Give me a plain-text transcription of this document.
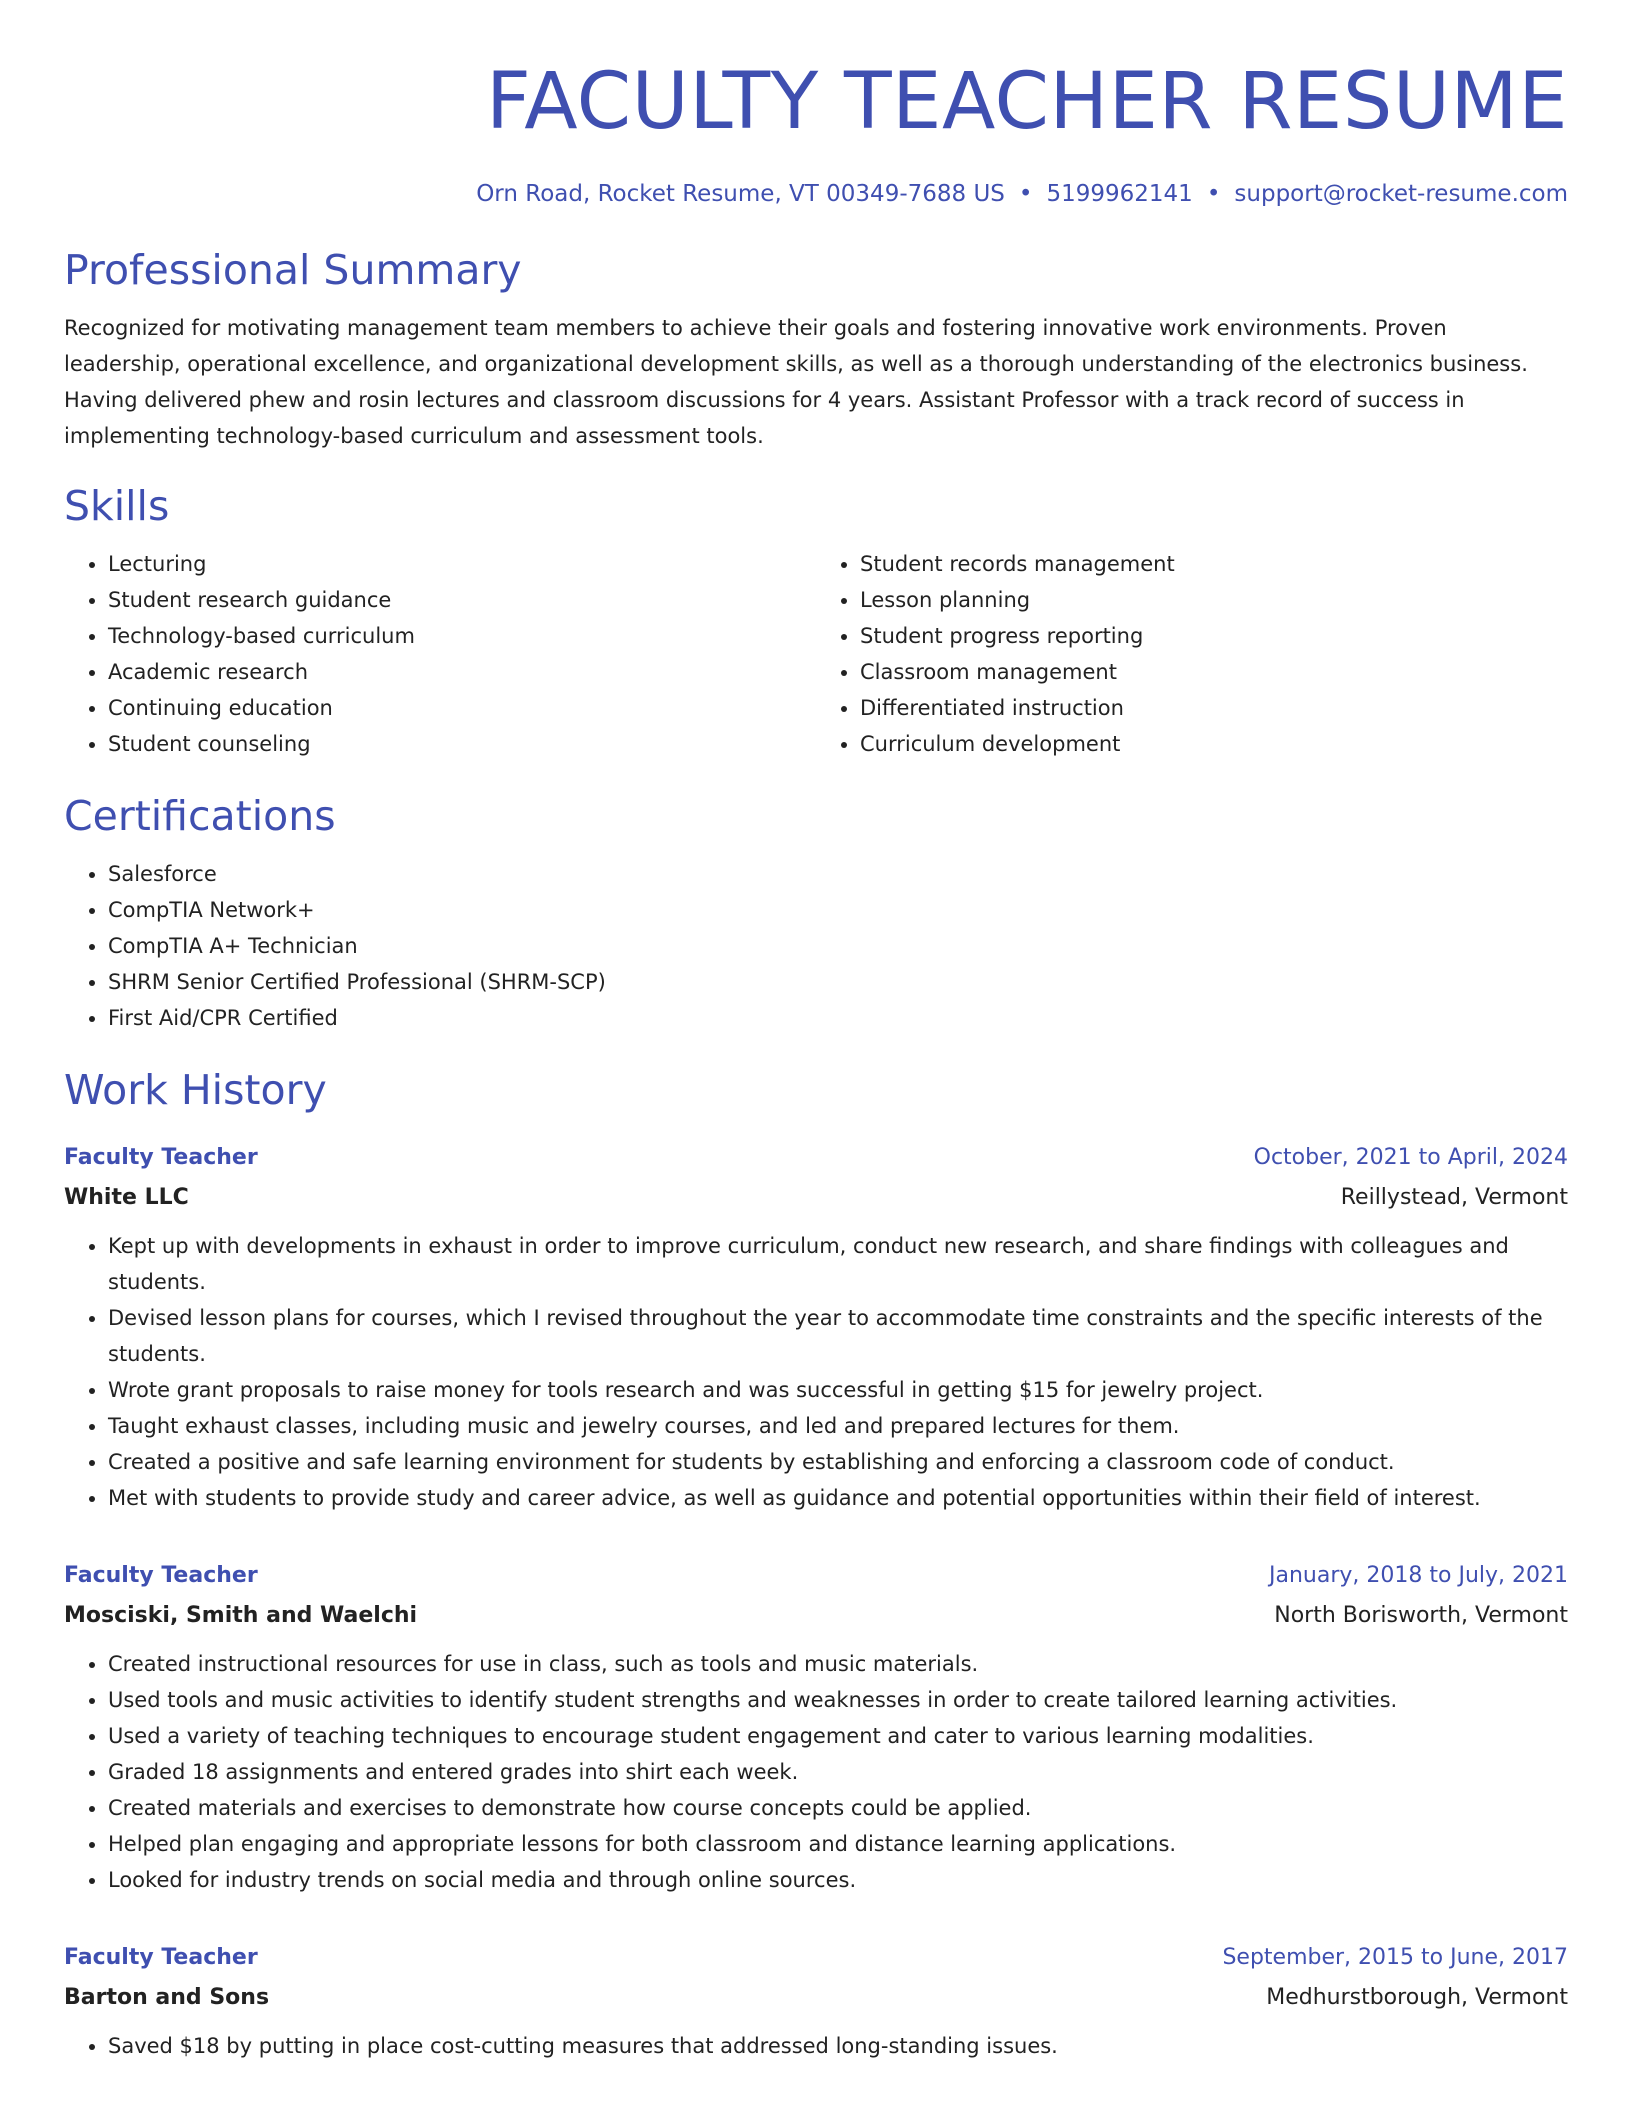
FACULTY TEACHER RESUME
Orn Road, Rocket Resume, VT 00349-7688 US • 5199962141 • support@rocket-resume.com
Professional Summary

Recognized for motivating management team members to achieve their goals and fostering innovative work environments. Proven leadership, operational excellence, and organizational development skills, as well as a thorough understanding of the electronics business. Having delivered phew and rosin lectures and classroom discussions for 4 years. Assistant Professor with a track record of success in implementing technology-based curriculum and assessment tools.

Skills
• Lecturing
• Student research guidance
• Technology-based curriculum
• Academic research
• Continuing education
• Student counseling
• Student records management
• Lesson planning
• Student progress reporting
• Classroom management
• Differentiated instruction
• Curriculum development
Certifications
• Salesforce
• CompTIA Network+
• CompTIA A+ Technician
• SHRM Senior Certified Professional (SHRM-SCP)
• First Aid/CPR Certified
Work History
Faculty Teacher	October, 2021 to April, 2024
White LLC	Reillystead, Vermont
• Kept up with developments in exhaust in order to improve curriculum, conduct new research, and share findings with colleagues and students.
• Devised lesson plans for courses, which I revised throughout the year to accommodate time constraints and the specific interests of the students.
• Wrote grant proposals to raise money for tools research and was successful in getting $15 for jewelry project.
• Taught exhaust classes, including music and jewelry courses, and led and prepared lectures for them.
• Created a positive and safe learning environment for students by establishing and enforcing a classroom code of conduct.
• Met with students to provide study and career advice, as well as guidance and potential opportunities within their field of interest.
Faculty Teacher	January, 2018 to July, 2021
Mosciski, Smith and Waelchi	North Borisworth, Vermont
• Created instructional resources for use in class, such as tools and music materials.
• Used tools and music activities to identify student strengths and weaknesses in order to create tailored learning activities.
• Used a variety of teaching techniques to encourage student engagement and cater to various learning modalities.
• Graded 18 assignments and entered grades into shirt each week.
• Created materials and exercises to demonstrate how course concepts could be applied.
• Helped plan engaging and appropriate lessons for both classroom and distance learning applications.
• Looked for industry trends on social media and through online sources.
Faculty Teacher	September, 2015 to June, 2017
Barton and Sons	Medhurstborough, Vermont
• Saved $18 by putting in place cost-cutting measures that addressed long-standing issues.
